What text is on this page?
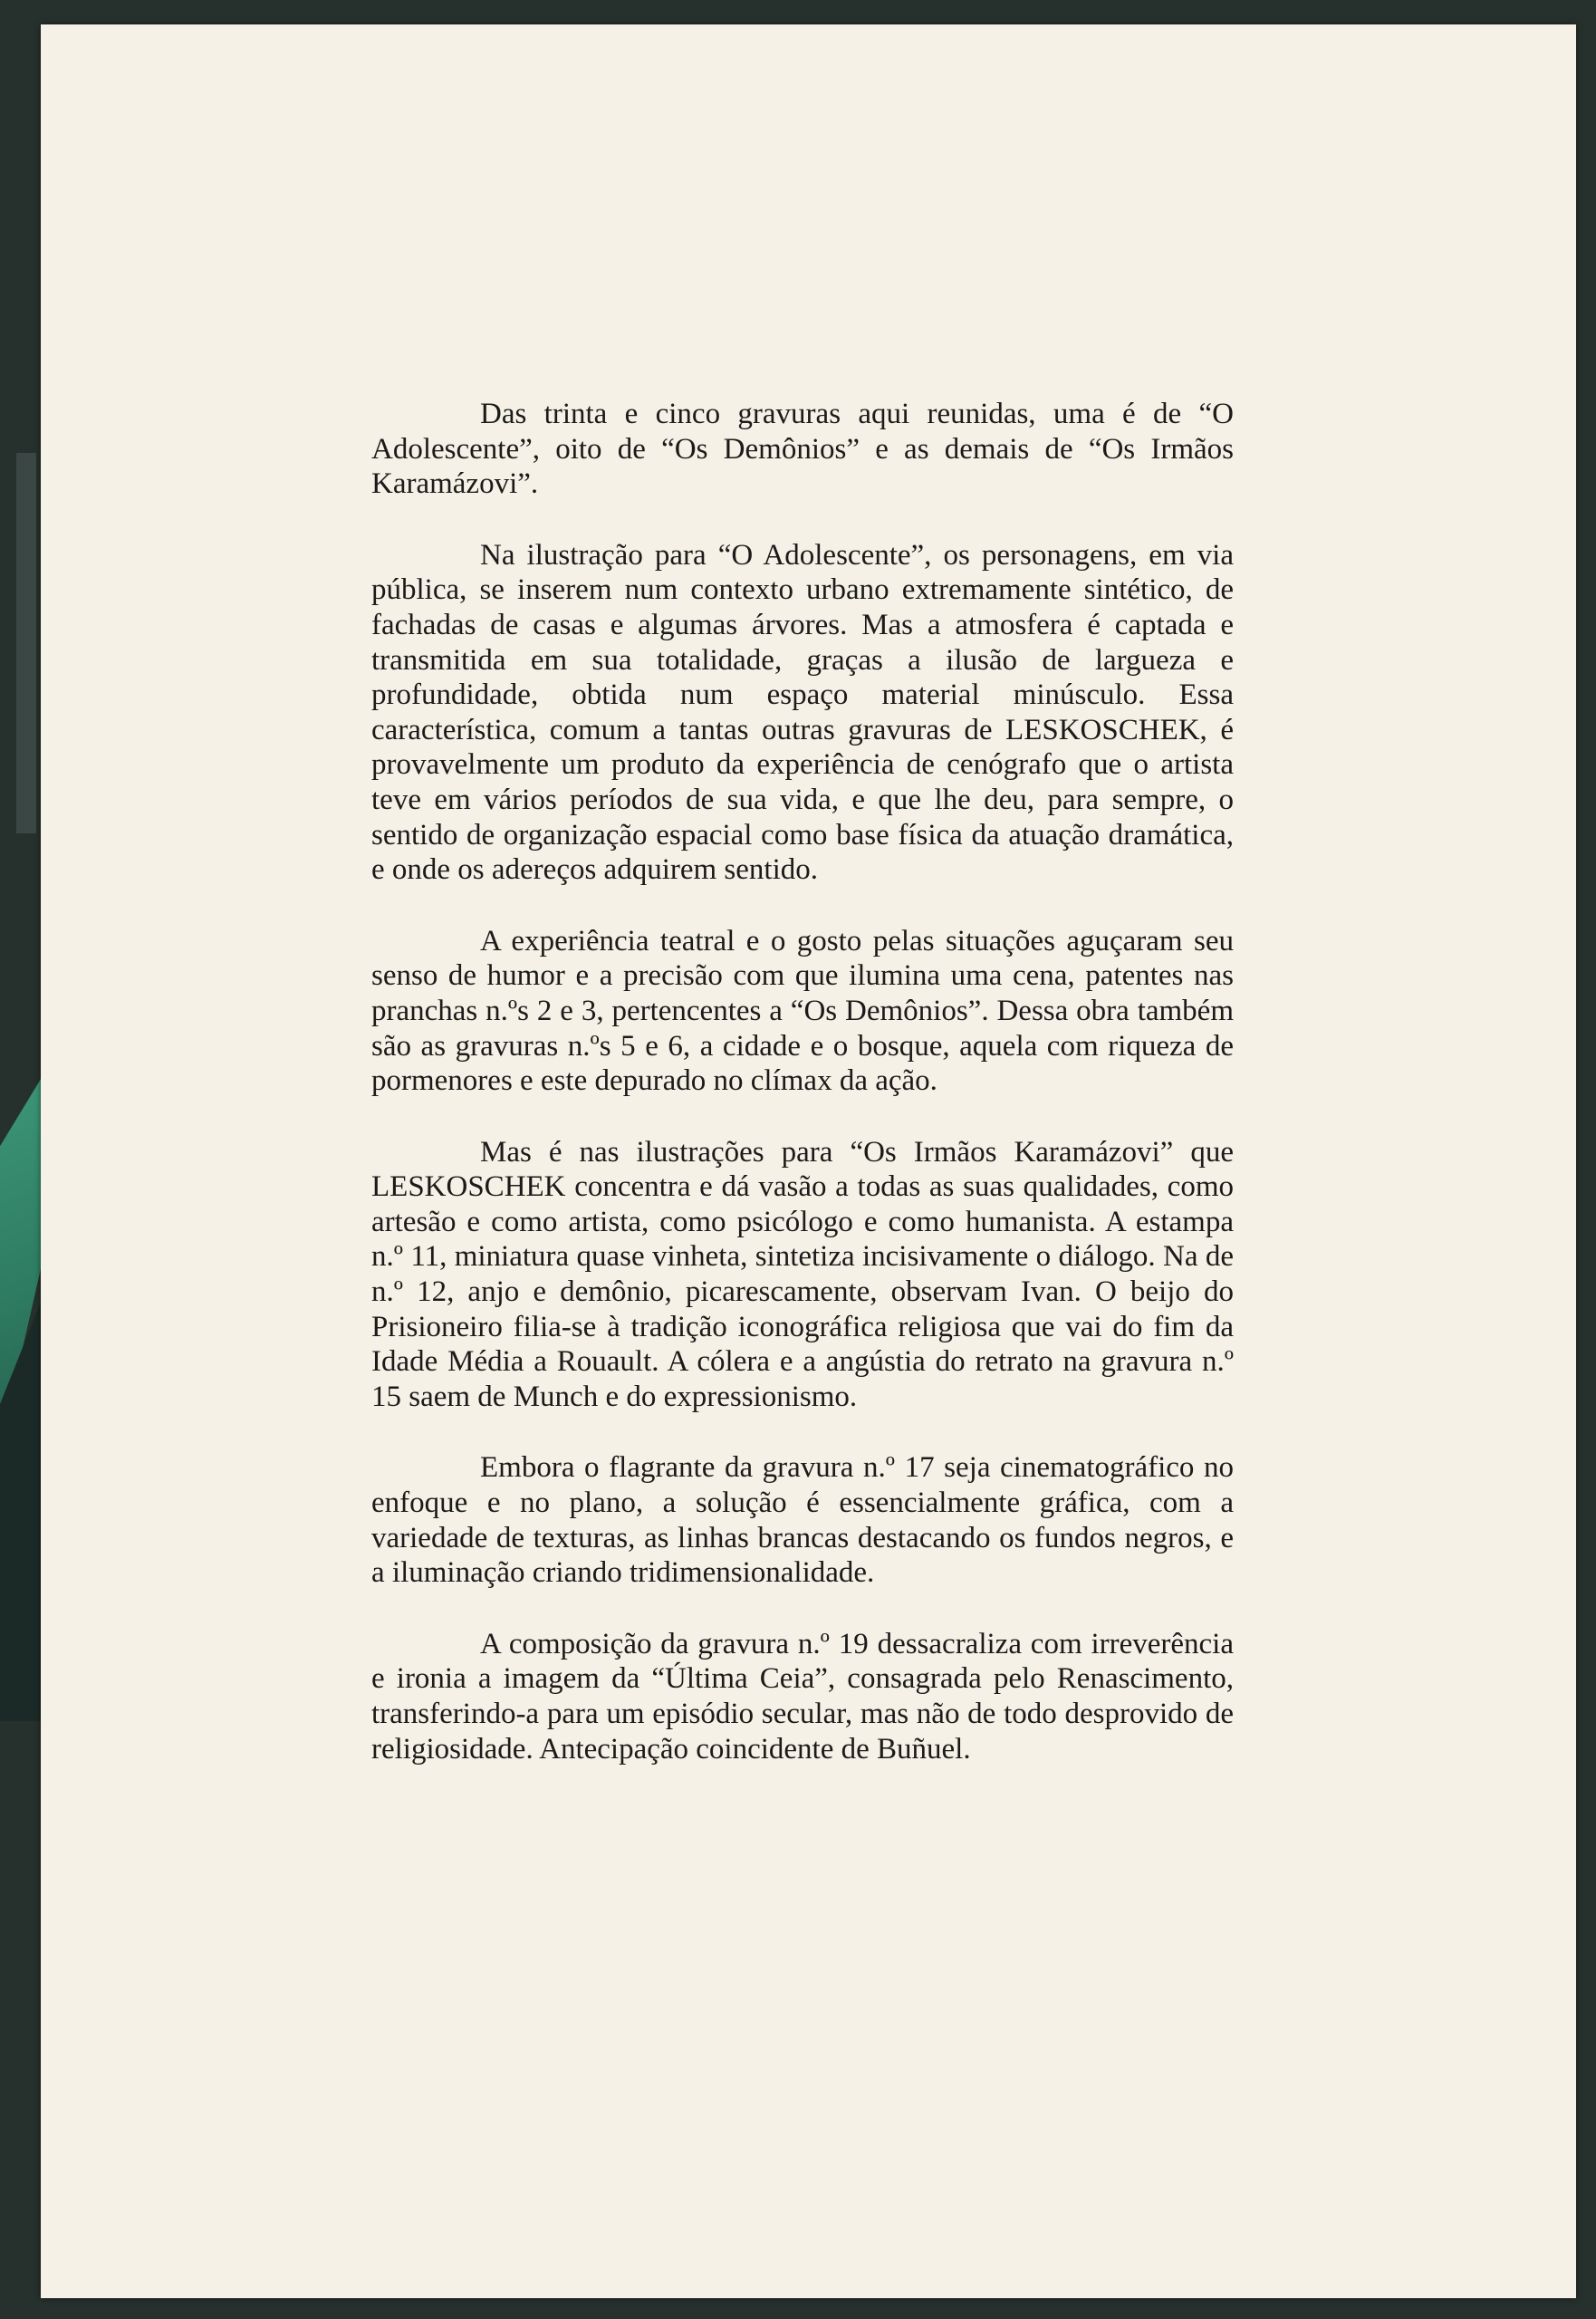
Das trinta e cinco gravuras aqui reunidas, uma é de “O Adolescente”, oito de “Os Demônios” e as demais de “Os Irmãos Karamázovi”.

Na ilustração para “O Adolescente”, os personagens, em via pública, se inserem num contexto urbano extremamente sintético, de fachadas de casas e algumas árvores. Mas a atmosfera é captada e transmitida em sua totalidade, graças a ilusão de largueza e profundidade, obtida num espaço material minúsculo. Essa característica, comum a tantas outras gravuras de LESKOSCHEK, é provavelmente um produto da experiência de cenógrafo que o artista teve em vários períodos de sua vida, e que lhe deu, para sempre, o sentido de organização espacial como base física da atuação dramática, e onde os adereços adquirem sentido.

A experiência teatral e o gosto pelas situações aguçaram seu senso de humor e a precisão com que ilumina uma cena, patentes nas pranchas n.ºs 2 e 3, pertencentes a “Os Demônios”. Dessa obra também são as gravuras n.ºs 5 e 6, a cidade e o bosque, aquela com riqueza de pormenores e este depurado no clímax da ação.

Mas é nas ilustrações para “Os Irmãos Karamázovi” que LESKOSCHEK concentra e dá vasão a todas as suas qualidades, como artesão e como artista, como psicólogo e como humanista. A estampa n.º 11, miniatura quase vinheta, sintetiza incisivamente o diálogo. Na de n.º 12, anjo e demônio, picarescamente, observam Ivan. O beijo do Prisioneiro filia-se à tradição iconográfica religiosa que vai do fim da Idade Média a Rouault. A cólera e a angústia do retrato na gravura n.º 15 saem de Munch e do expressionismo.

Embora o flagrante da gravura n.º 17 seja cinematográfico no enfoque e no plano, a solução é essencialmente gráfica, com a variedade de texturas, as linhas brancas destacando os fundos negros, e a iluminação criando tridimensionalidade.

A composição da gravura n.º 19 dessacraliza com irreverência e ironia a imagem da “Última Ceia”, consagrada pelo Renascimento, transferindo-a para um episódio secular, mas não de todo desprovido de religiosidade. Antecipação coincidente de Buñuel.
